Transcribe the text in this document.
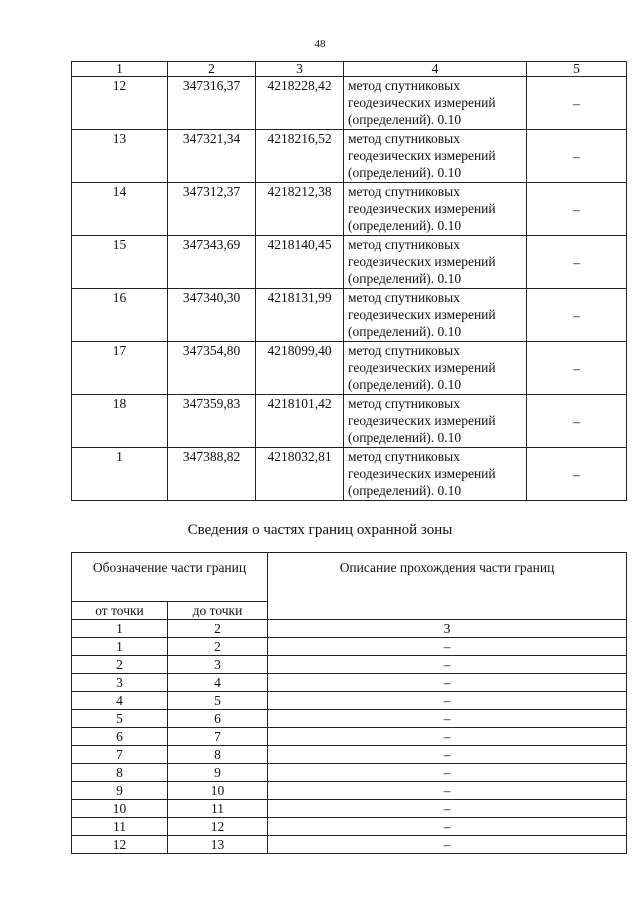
48
1	2	3	4	5
12	347316,37	4218228,42	метод спутниковых
геодезических измерений
(определений). 0.10	–
13	347321,34	4218216,52	метод спутниковых
геодезических измерений
(определений). 0.10	–
14	347312,37	4218212,38	метод спутниковых
геодезических измерений
(определений). 0.10	–
15	347343,69	4218140,45	метод спутниковых
геодезических измерений
(определений). 0.10	–
16	347340,30	4218131,99	метод спутниковых
геодезических измерений
(определений). 0.10	–
17	347354,80	4218099,40	метод спутниковых
геодезических измерений
(определений). 0.10	–
18	347359,83	4218101,42	метод спутниковых
геодезических измерений
(определений). 0.10	–
1	347388,82	4218032,81	метод спутниковых
геодезических измерений
(определений). 0.10	–
Сведения о частях границ охранной зоны
Обозначение части границ		Описание прохождения части границ
от точки	до точки	
1	2	3
1	2	–
2	3	–
3	4	–
4	5	–
5	6	–
6	7	–
7	8	–
8	9	–
9	10	–
10	11	–
11	12	–
12	13	–
